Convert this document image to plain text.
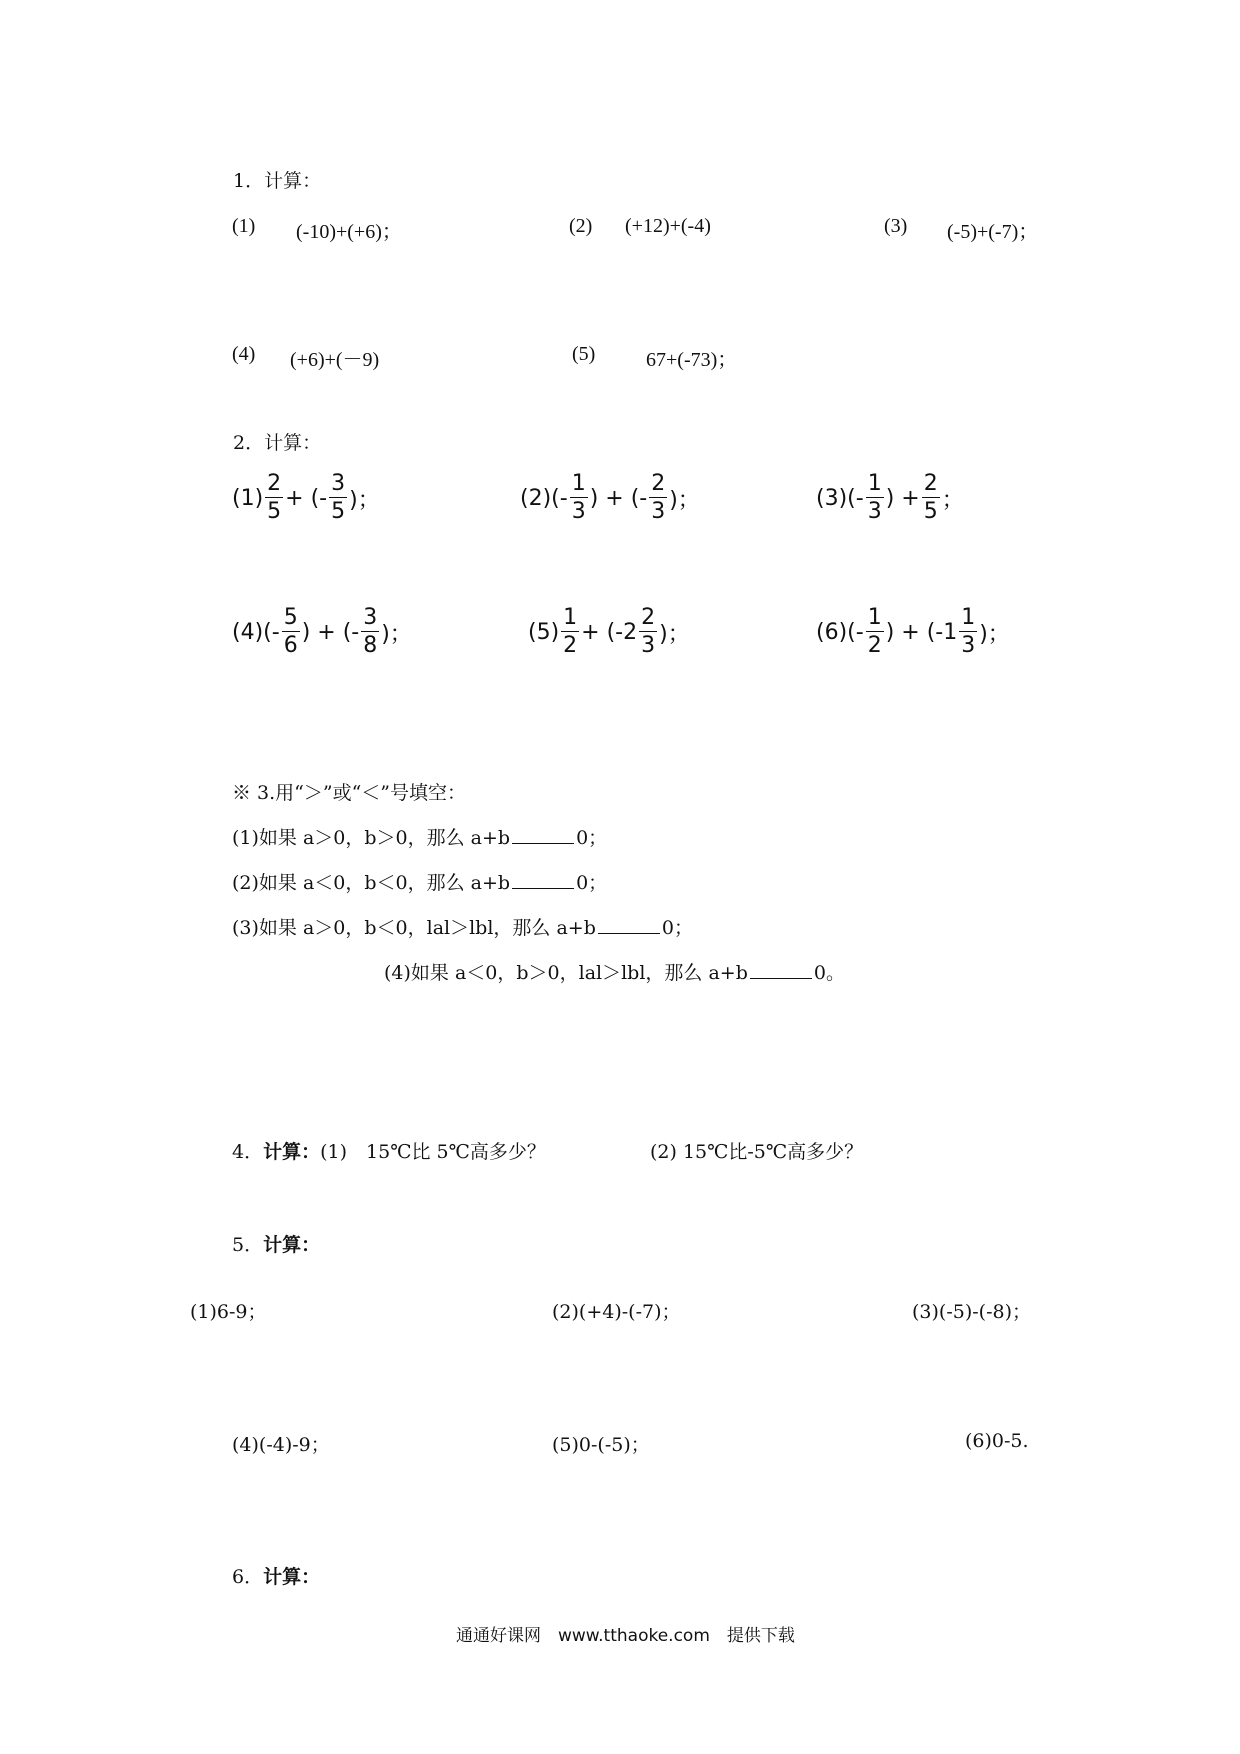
1．计算：
(1) (-10)+(+6)；	(2) (+12)+(-4)	(3) (-5)+(-7)；
(4) (+6)+(－9)	(5)	67+(-73)；
2．计算：
$(1) \frac{2}{5}$ + (- $\frac{3}{5}$ )；	$(2)(- \frac{1}{3}$ ) + (- $\frac{2}{3}$ )；	$(3)(- \frac{1}{3}$ ) + $\frac{2}{5}$ ；
$(4)(- \frac{5}{6}$ ) + (- $\frac{3}{8}$ )；	$(5) \frac{1}{2} + (-2 \frac{2}{3}$ )；	$(6)(- \frac{1}{2}$ ) + ($-1 \frac{1}{3}$ )；
※ 3.用“＞”或“＜”号填空：
(1)如果 a＞0，b＞0，那么 a+b	0；
(2)如果 a＜0，b＜0，那么 a+b	0；
(3)如果 a＞0，b＜0，lal＞lbl，那么 a+b	0；
(4)如果 a＜0，b＞0，lal＞lbl，那么 a+b	0。
4．计算：(1)　15℃比 5℃高多少？	(2) 15℃比-5℃高多少？
5．计算：
(1)6-9；	(2)(+4)-(-7)；	(3)(-5)-(-8)；
(4)(-4)-9；	(5)0-(-5)；	(6)0-5.
6．计算：
通通好课网　www.tthaoke.com　提供下载
